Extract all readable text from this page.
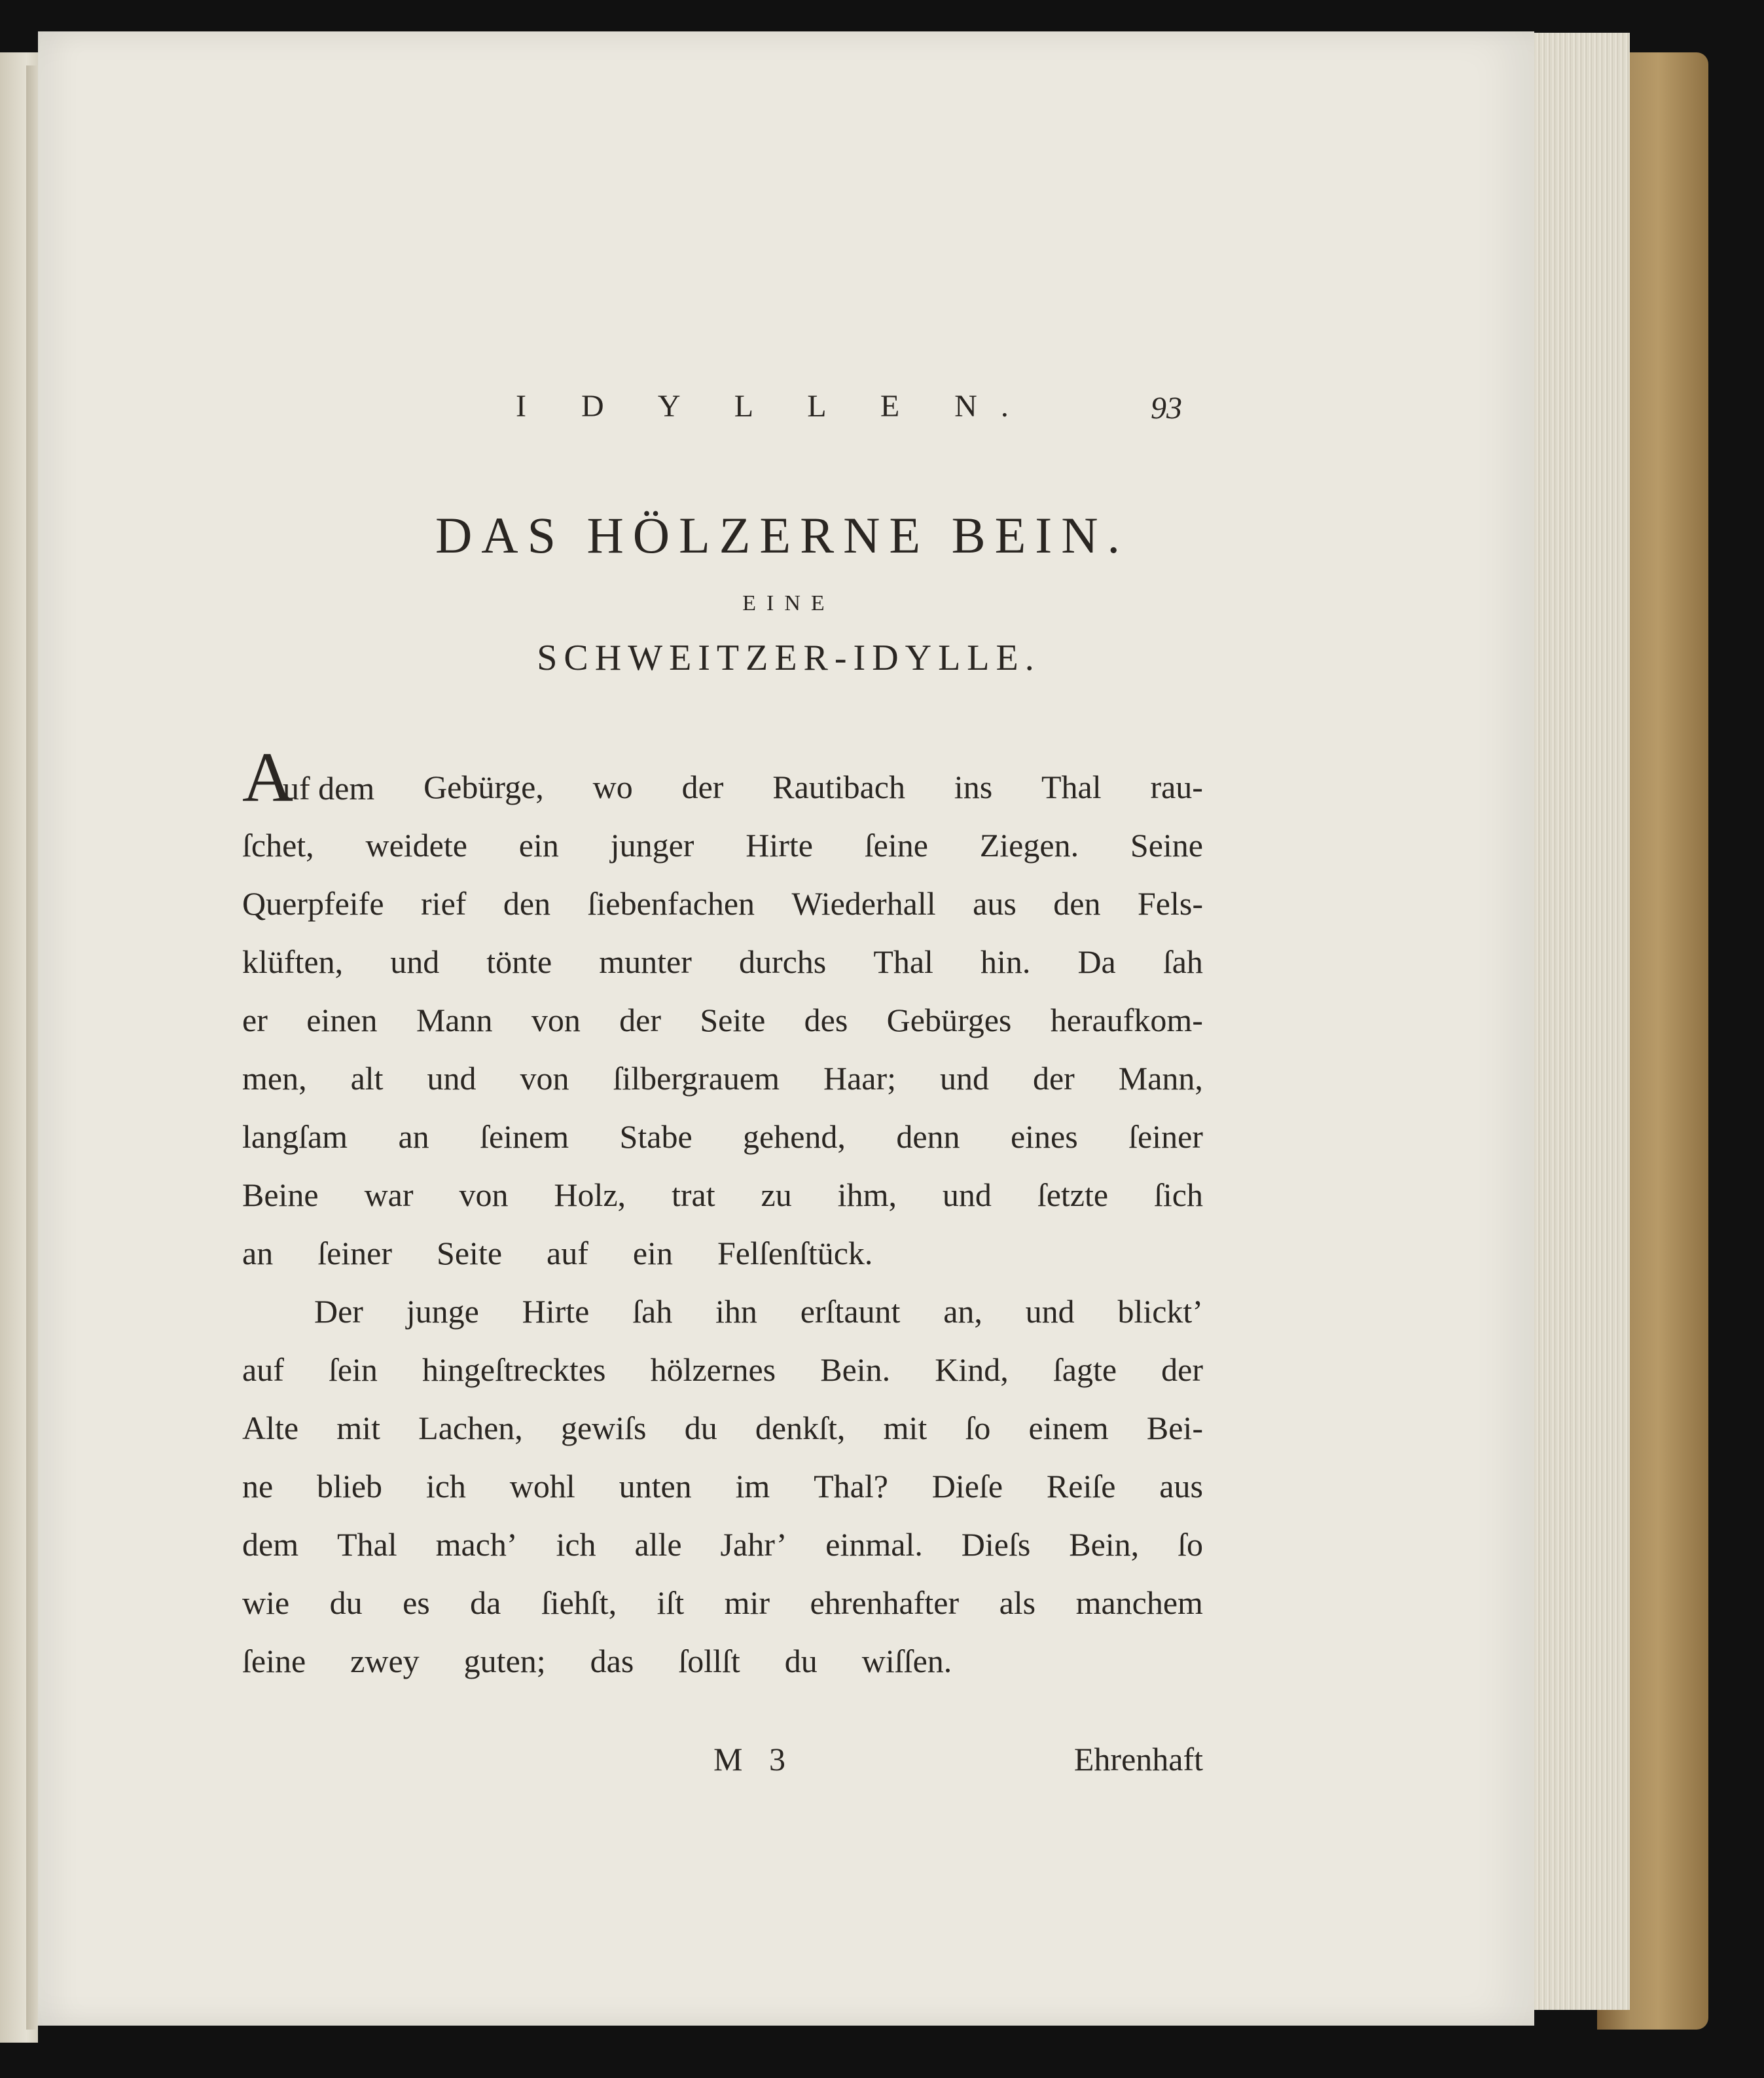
I D Y L L E N.	93
DAS HÖLZERNE BEIN.
EINE
SCHWEITZER-IDYLLE.
Auf dem Gebürge, wo der Rautibach ins Thal rau-
ſchet, weidete ein junger Hirte ſeine Ziegen. Seine
Querpfeife rief den ſiebenfachen Wiederhall aus den Fels-
klüften, und tönte munter durchs Thal hin. Da ſah
er einen Mann von der Seite des Gebürges heraufkom-
men, alt und von ſilbergrauem Haar; und der Mann,
langſam an ſeinem Stabe gehend, denn eines ſeiner
Beine war von Holz, trat zu ihm, und ſetzte ſich
an	ſeiner	Seite	auf	ein	Felſenſtück.
Der junge Hirte ſah ihn erſtaunt an, und blickt’
auf ſein hingeſtrecktes hölzernes Bein. Kind, ſagte der
Alte mit Lachen, gewiſs du denkſt, mit ſo einem Bei-
ne blieb ich wohl unten im Thal? Dieſe Reiſe aus
dem Thal mach’ ich alle Jahr’ einmal. Dieſs Bein, ſo
wie du es da ſiehſt, iſt mir ehrenhafter als manchem
ſeine	zwey	guten;	das	ſollſt	du	wiſſen.
M 3	Ehrenhaft
